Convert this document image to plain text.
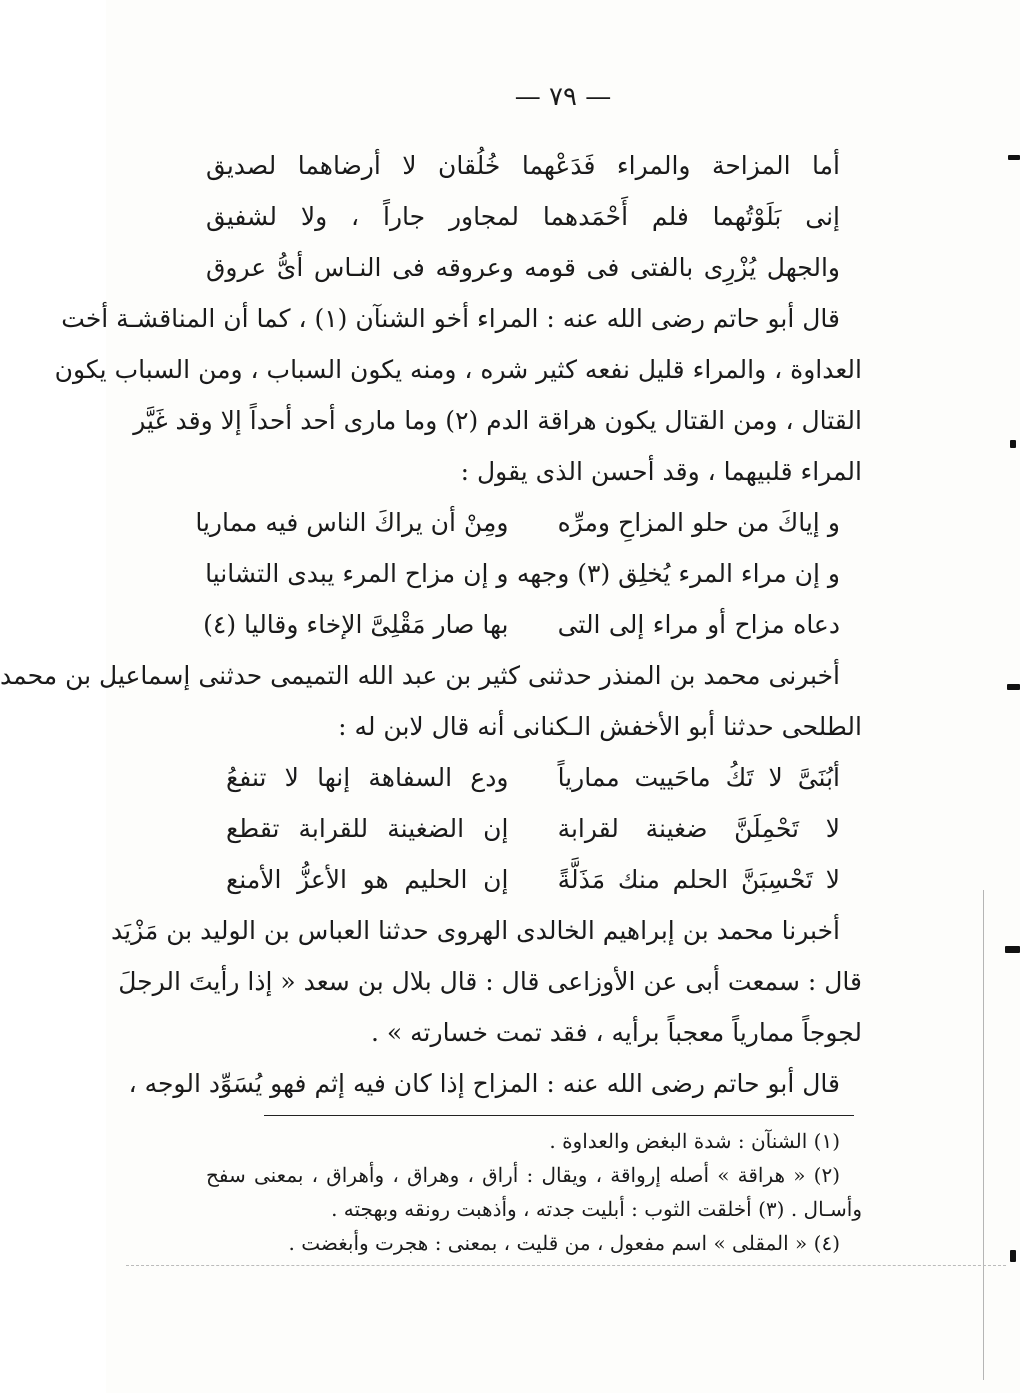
— ٧٩ —
أما المزاحة والمراء فَدَعْهما خُلُقان لا أرضاهما لصديق
إنى بَلَوْتُهما فلم أَحْمَدهما لمجاور جاراً ، ولا لشفيق
والجهل يُزْرِى بالفتى فى قومه وعروقه فى النـاس أىُّ عروق
قال أبو حاتم رضى الله عنه : المراء أخو الشنآن (١) ، كما أن المناقشـة أخت
العداوة ، والمراء قليل نفعه كثير شره ، ومنه يكون السباب ، ومن السباب يكون
القتال ، ومن القتال يكون هراقة الدم (٢) وما مارى أحد أحداً إلا وقد غَيَّر
المراء قلبيهما ، وقد أحسن الذى يقول :
و إياكَ من حلو المزاحِ ومرِّه
ومِنْ أن يراكَ الناس فيه مماريا
و إن مراء المرء يُخلِق (٣) وجهه
و إن مزاح المرء يبدى التشانيا
دعاه مزاح أو مراء إلى التى
بها صار مَقْلِىَّ الإخاء وقاليا (٤)
أخبرنى محمد بن المنذر حدثنى كثير بن عبد الله التميمى حدثنى إسماعيل بن محمد
الطلحى حدثنا أبو الأخفش الـكنانى أنه قال لابن له :
أبُنَىَّ لا تَكُ ماحَييت ممارياً
ودع السفاهة إنها لا تنفعُ
لا تَحْمِلَنَّ ضغينة لقرابة
إن الضغينة للقرابة تقطع
لا تَحْسِبَنَّ الحلم منك مَذَلَّةً
إن الحليم هو الأعزُّ الأمنع
أخبرنا محمد بن إبراهيم الخالدى الهروى حدثنا العباس بن الوليد بن مَزْيَد
قال : سمعت أبى عن الأوزاعى قال : قال بلال بن سعد « إذا رأيتَ الرجلَ
لجوجاً ممارياً معجباً برأيه ، فقد تمت خسارته » .
قال أبو حاتم رضى الله عنه : المزاح إذا كان فيه إثم فهو يُسَوِّد الوجه ،
(١) الشنآن : شدة البغض والعداوة .
(٢) « هراقة » أصله إرواقة ، ويقال : أراق ، وهراق ، وأهراق ، بمعنى سفح
وأسـال . (٣) أخلقت الثوب : أبليت جدته ، وأذهبت رونقه وبهجته .
(٤) « المقلى » اسم مفعول ، من قليت ، بمعنى : هجرت وأبغضت .
